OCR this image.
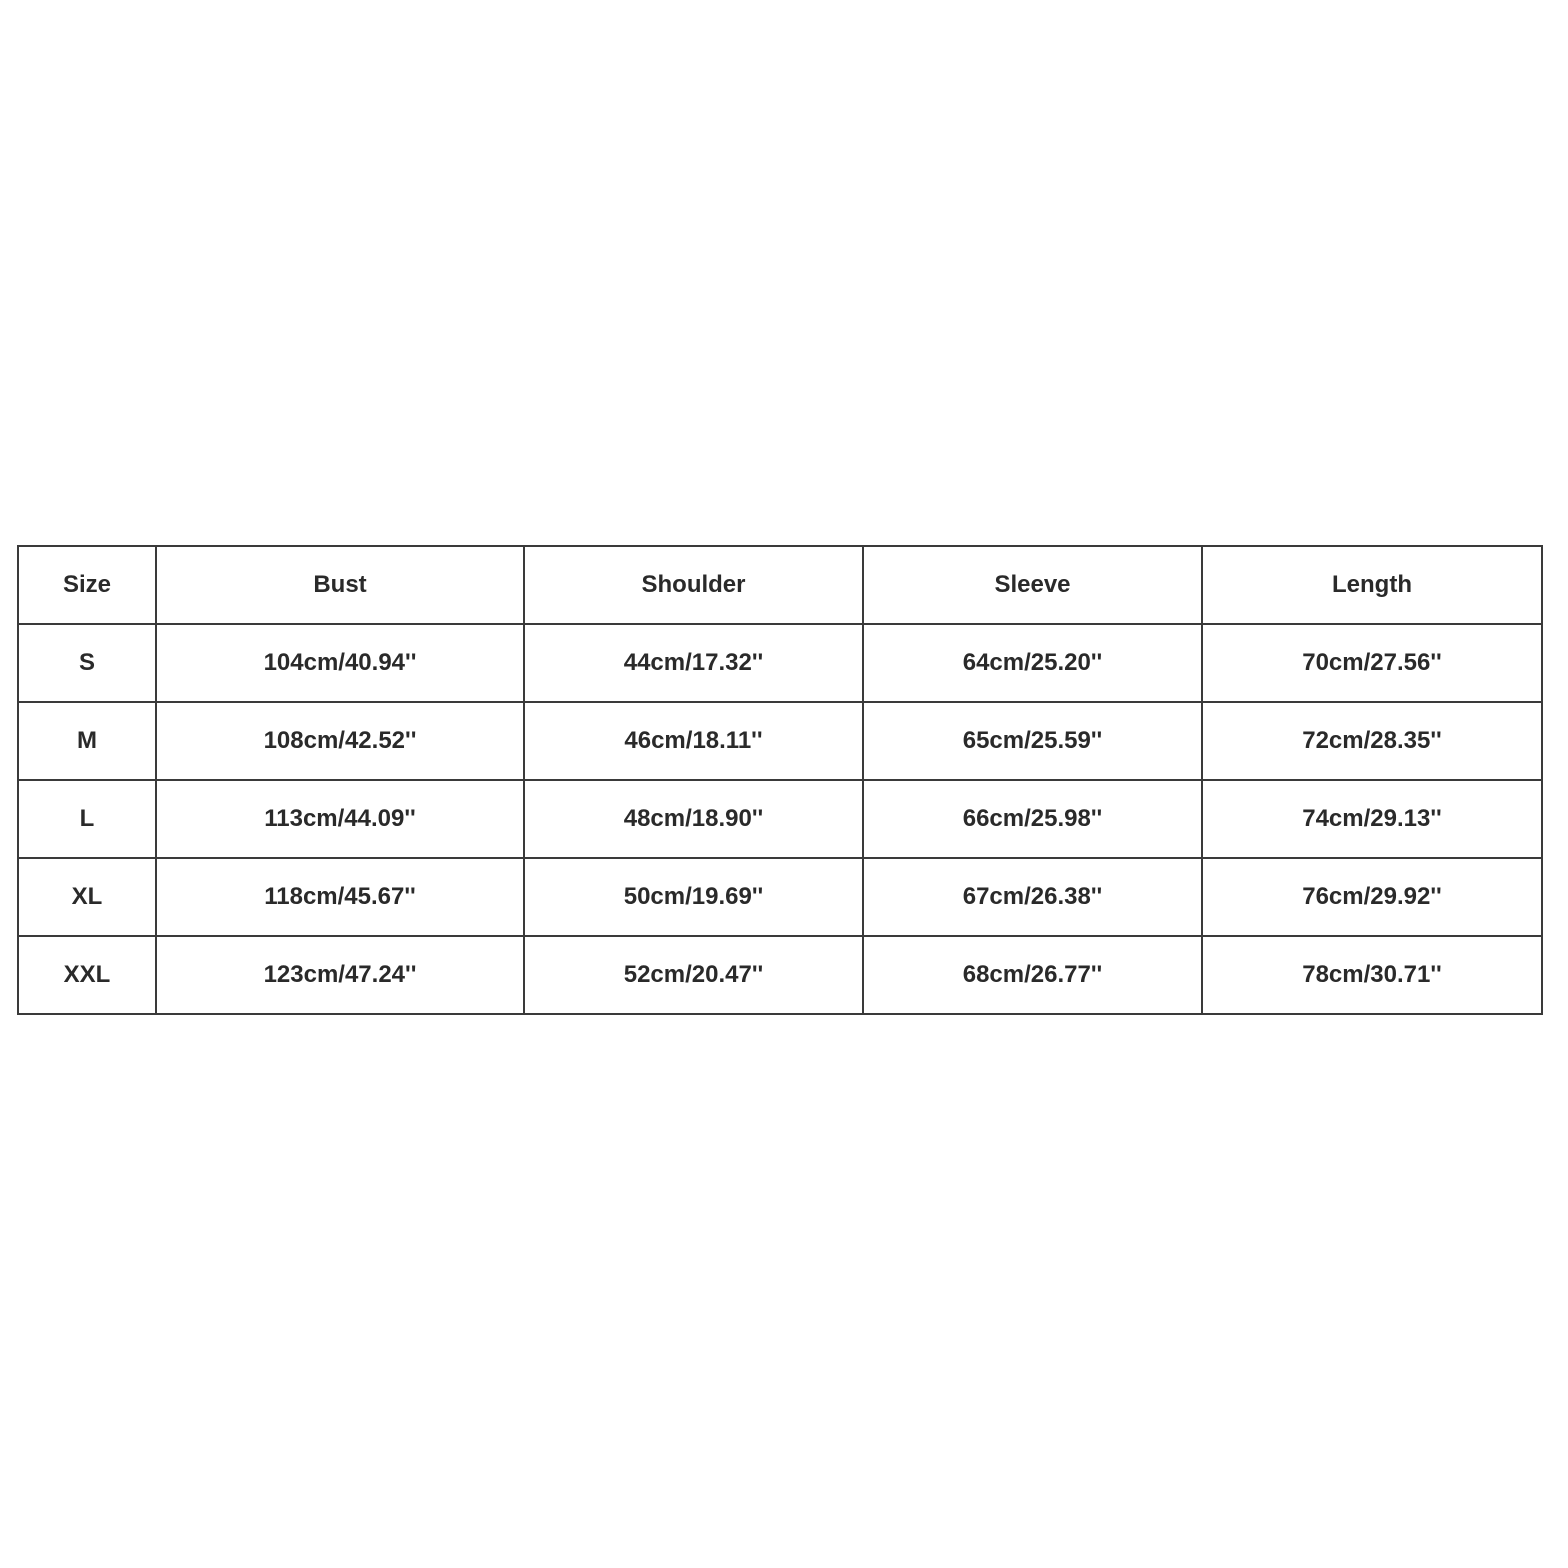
Size	Bust	Shoulder	Sleeve	Length
S	104cm/40.94''	44cm/17.32''	64cm/25.20''	70cm/27.56''
M	108cm/42.52''	46cm/18.11''	65cm/25.59''	72cm/28.35''
L	113cm/44.09''	48cm/18.90''	66cm/25.98''	74cm/29.13''
XL	118cm/45.67''	50cm/19.69''	67cm/26.38''	76cm/29.92''
XXL	123cm/47.24''	52cm/20.47''	68cm/26.77''	78cm/30.71''
